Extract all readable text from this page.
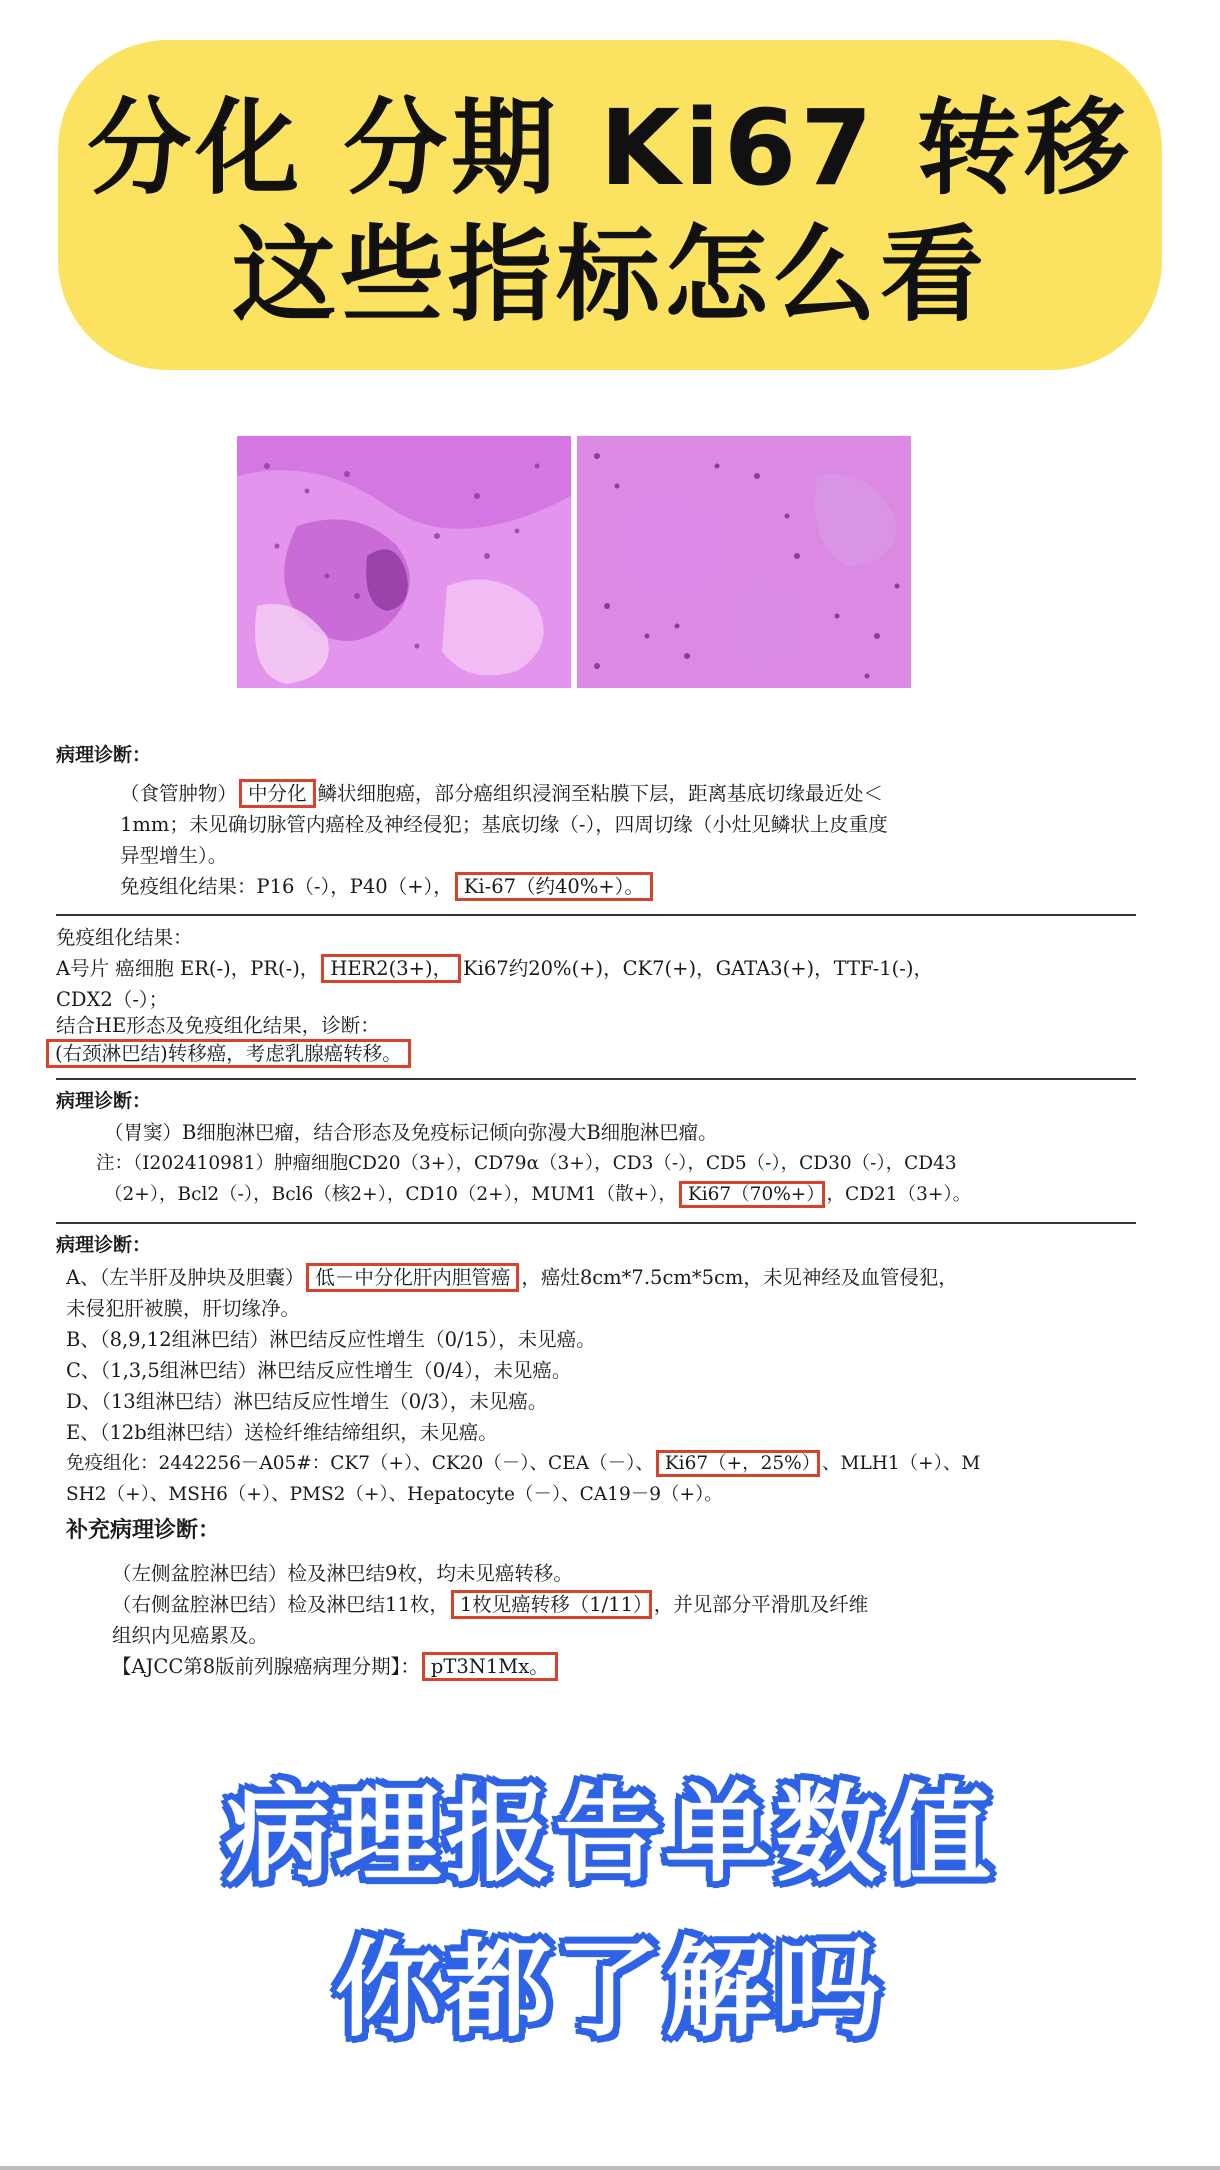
分化 分期 Ki67 转移
这些指标怎么看
病理诊断：
（食管肿物） 中分化 鳞状细胞癌，部分癌组织浸润至粘膜下层，距离基底切缘最近处＜
1mm；未见确切脉管内癌栓及神经侵犯；基底切缘（-），四周切缘（小灶见鳞状上皮重度
异型增生）。
免疫组化结果：P16（-），P40（+）， Ki-67（约40%+）。
免疫组化结果：
A号片 癌细胞 ER(-)，PR(-)， HER2(3+)， Ki67约20%(+)，CK7(+)，GATA3(+)，TTF-1(-)，
CDX2（-）；
结合HE形态及免疫组化结果，诊断：
(右颈淋巴结)转移癌，考虑乳腺癌转移。
病理诊断：
（胃窦）B细胞淋巴瘤，结合形态及免疫标记倾向弥漫大B细胞淋巴瘤。
注：（I202410981）肿瘤细胞CD20（3+），CD79α（3+），CD3（-），CD5（-），CD30（-），CD43
（2+），Bcl2（-），Bcl6（核2+），CD10（2+），MUM1（散+）， Ki67（70%+） ，CD21（3+）。
病理诊断：
A、（左半肝及肿块及胆囊） 低－中分化肝内胆管癌 ，癌灶8cm*7.5cm*5cm，未见神经及血管侵犯，
未侵犯肝被膜，肝切缘净。
B、（8,9,12组淋巴结）淋巴结反应性增生（0/15），未见癌。
C、（1,3,5组淋巴结）淋巴结反应性增生（0/4），未见癌。
D、（13组淋巴结）淋巴结反应性增生（0/3），未见癌。
E、（12b组淋巴结）送检纤维结缔组织，未见癌。
免疫组化：2442256－A05#：CK7（+）、CK20（－）、CEA（－）、 Ki67（+，25%） 、MLH1（+）、M
SH2（+）、MSH6（+）、PMS2（+）、Hepatocyte（－）、CA19－9（+）。
补充病理诊断：
（左侧盆腔淋巴结）检及淋巴结9枚，均未见癌转移。
（右侧盆腔淋巴结）检及淋巴结11枚， 1枚见癌转移（1/11） ，并见部分平滑肌及纤维
组织内见癌累及。
【AJCC第8版前列腺癌病理分期】： pT3N1Mx。
病理报告单数值
你都了解吗
